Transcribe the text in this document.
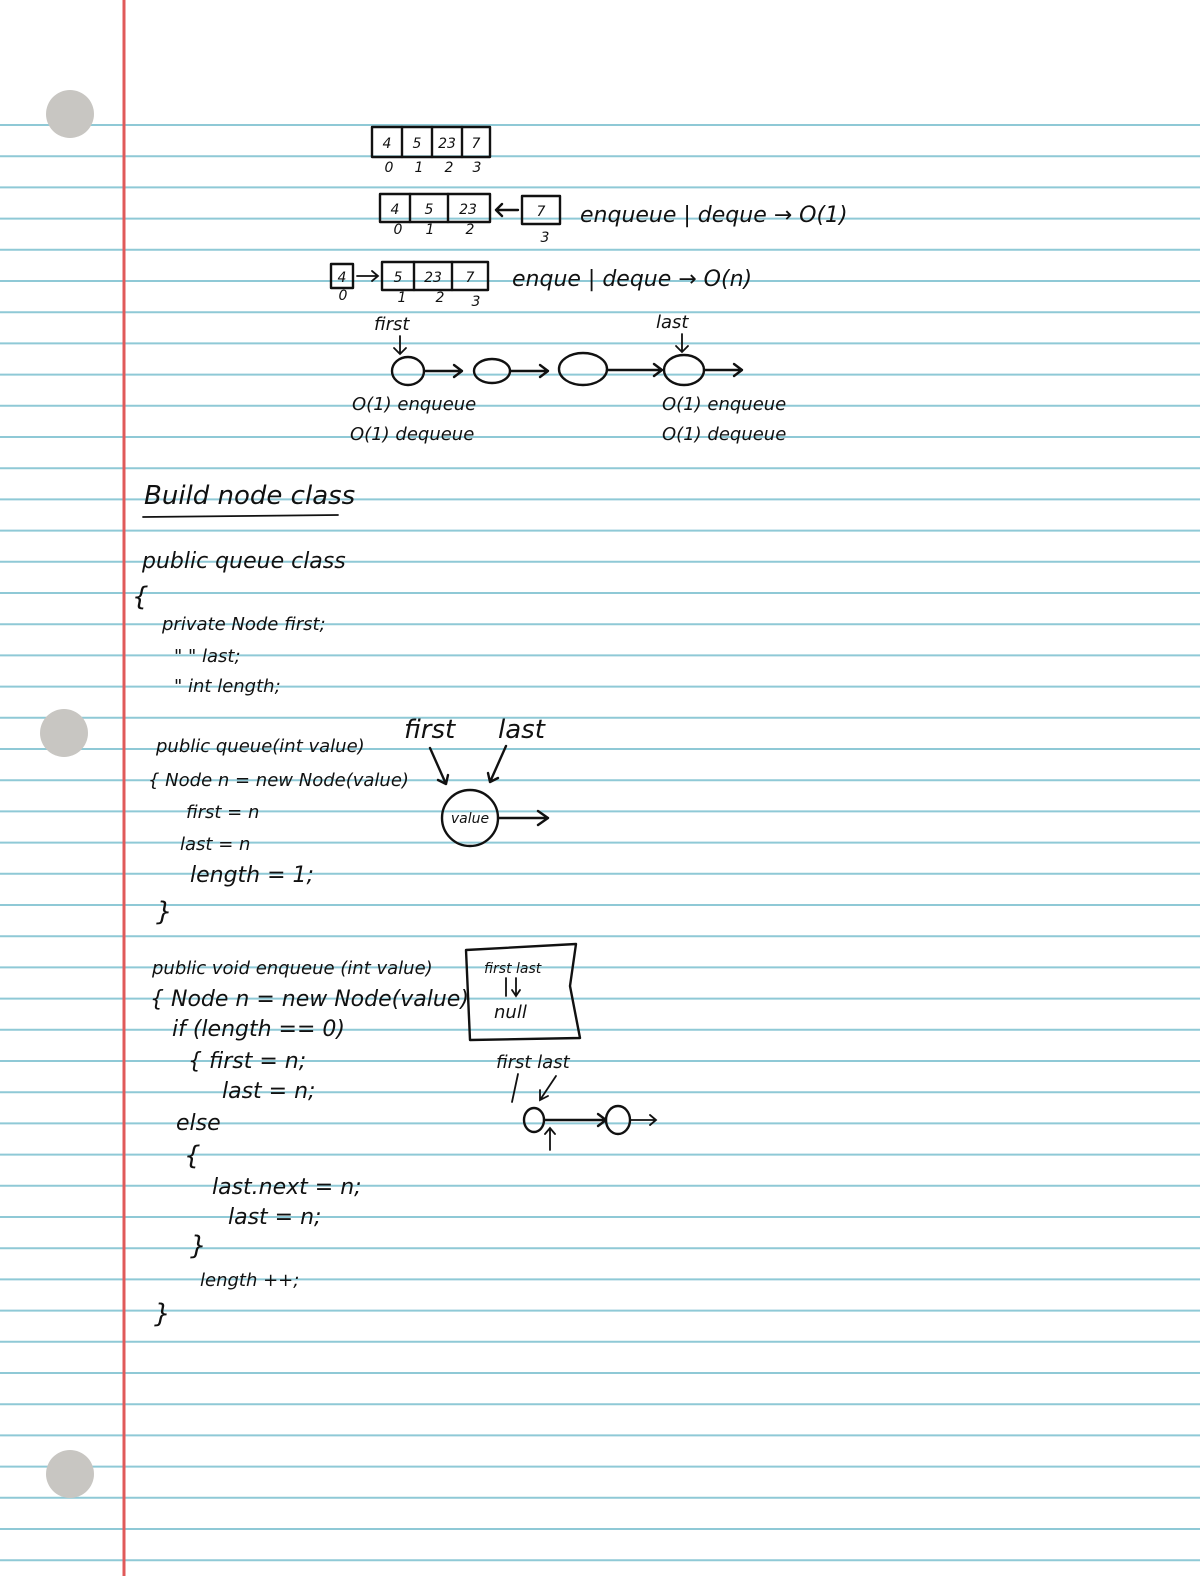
4 5 23 7
0 1 2 3
4 5 23	7
0 1 2	3
enqueue | deque → O(1)
4
0
5 23 7
1 2 3
enque | deque → O(n)
first	last
O(1) enqueue
O(1) dequeue
O(1) enqueue
O(1) dequeue
Build node class
public queue class
{
private Node first;
" " last;
" int length;
public queue(int value)
{ Node n = new Node(value)
first = n
last = n
length = 1;
}
first last
value
public void enqueue (int value)
{ Node n = new Node(value)
if (length == 0)
{ first = n;
last = n;
else
{
last.next = n;
last = n;
}
length ++;
}
first last
null
first last
